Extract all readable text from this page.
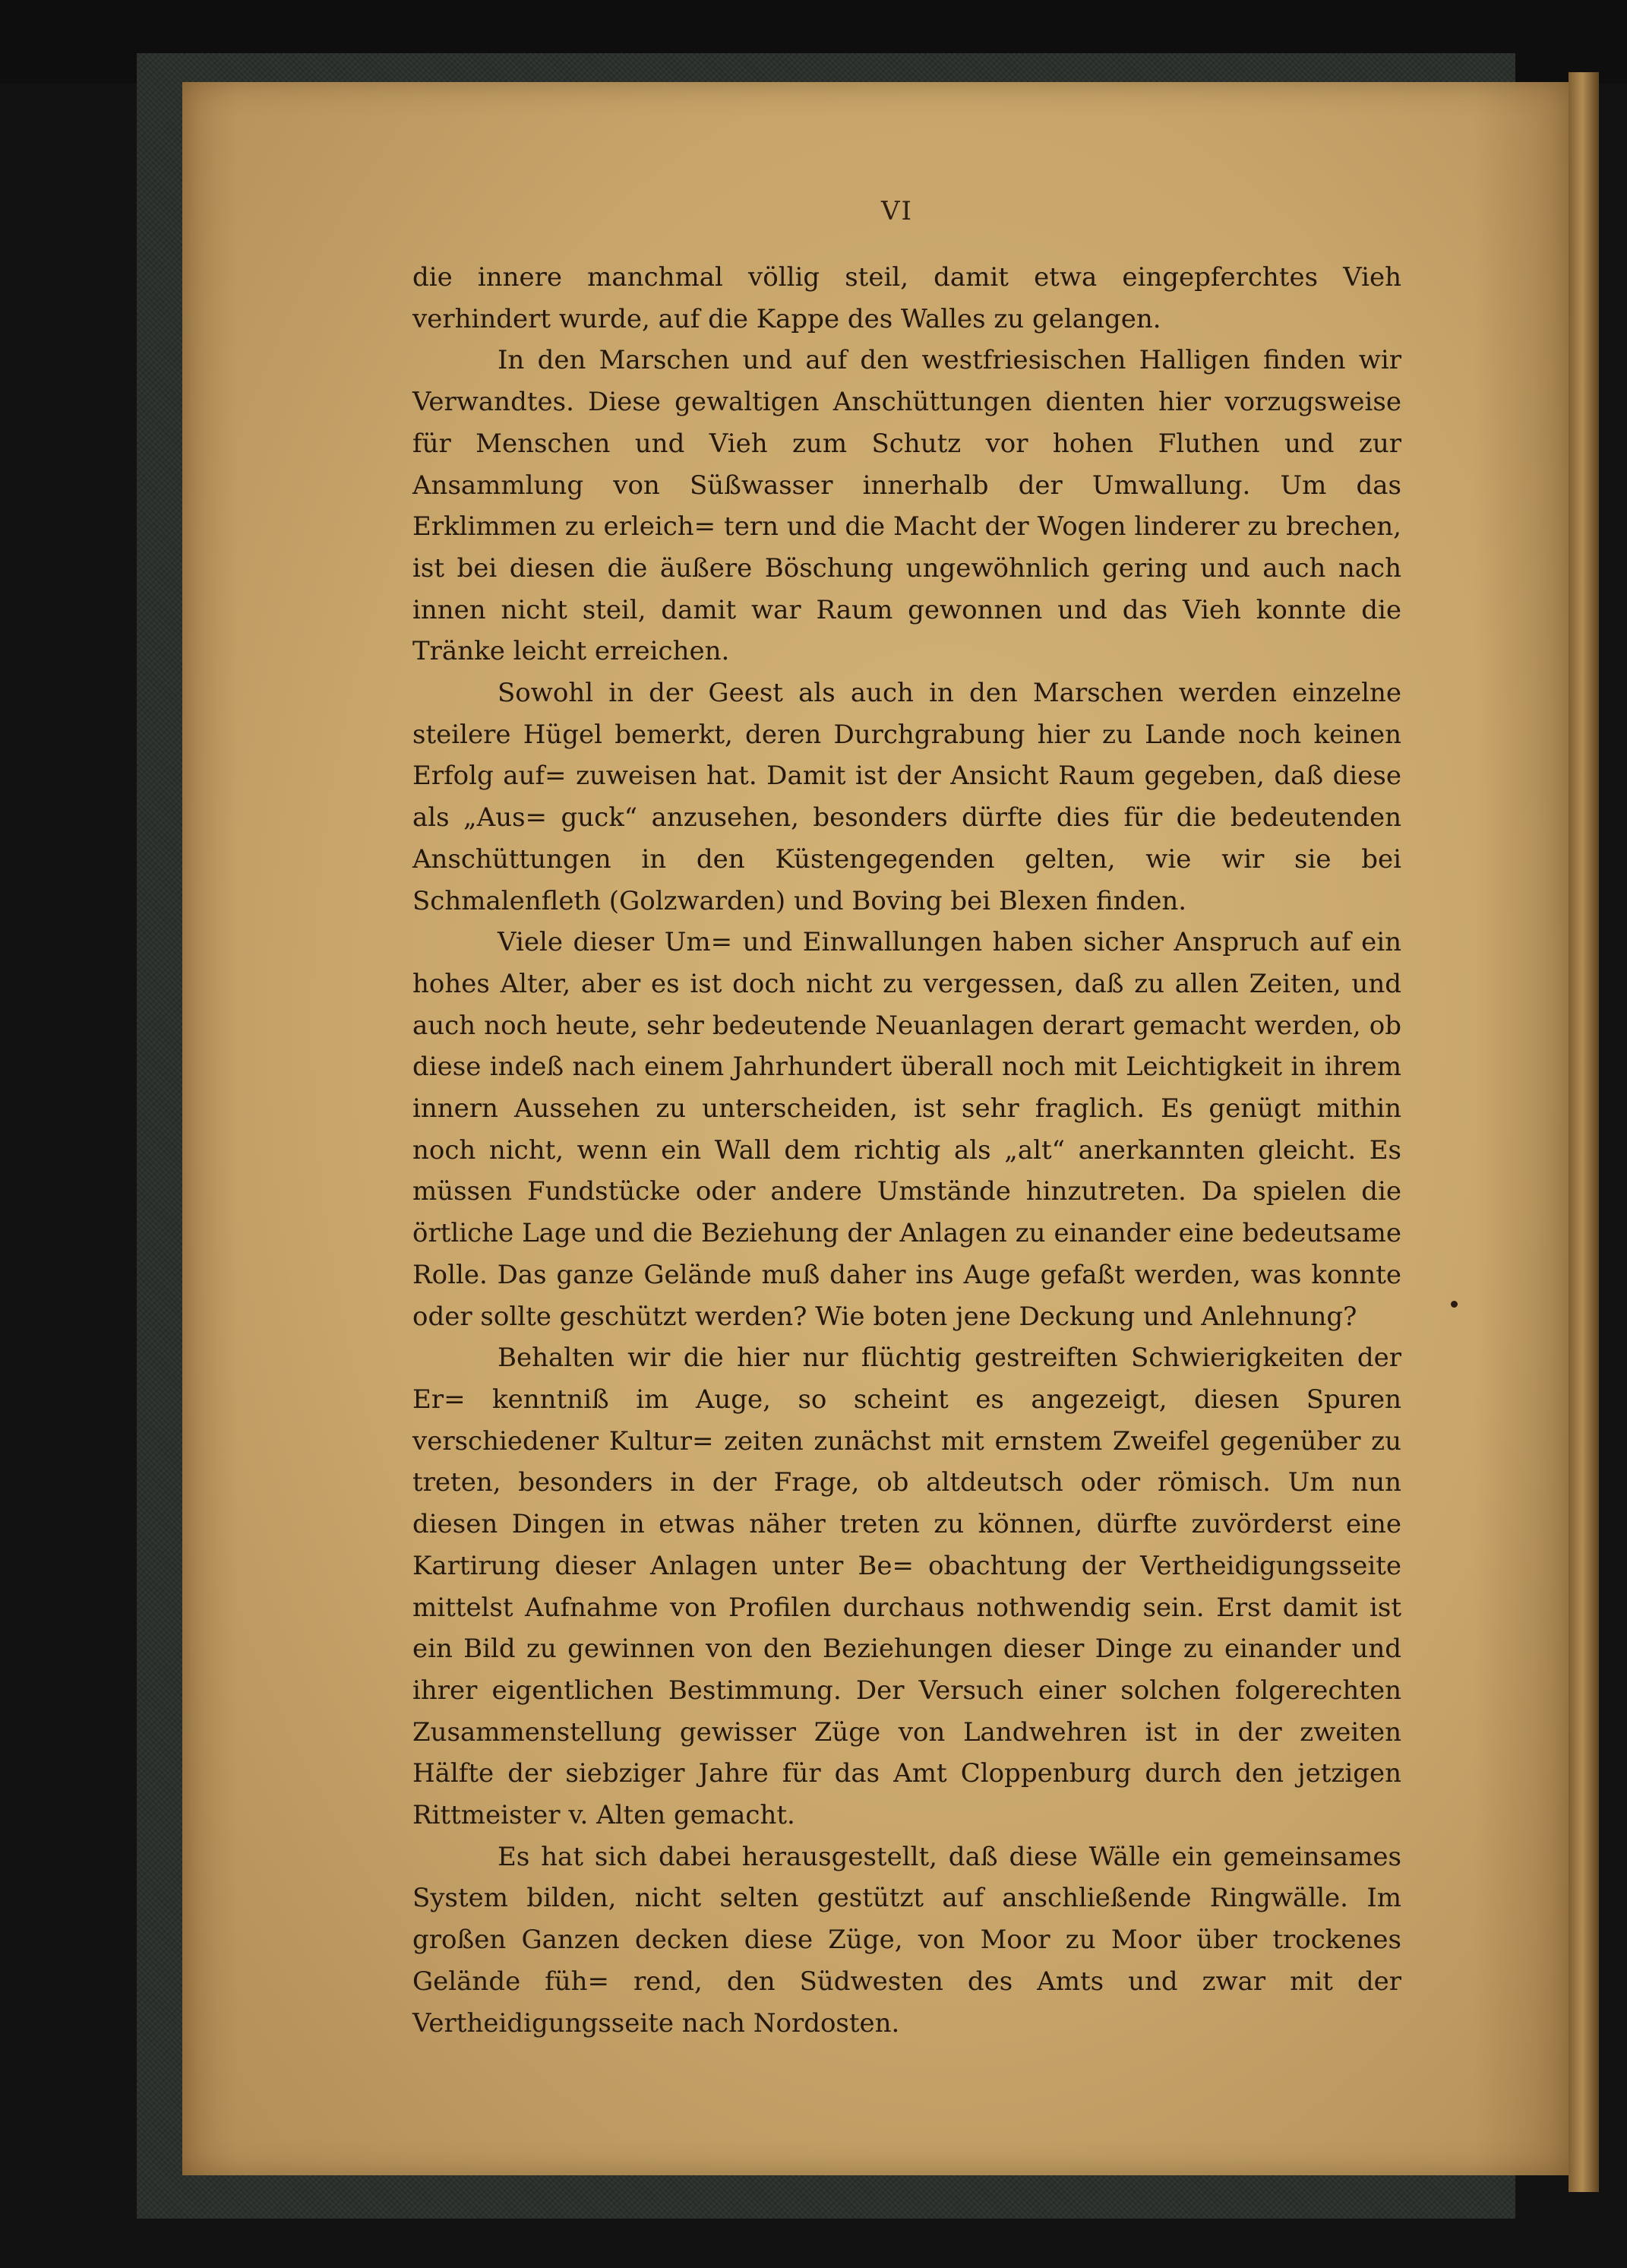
VI

die innere manchmal völlig steil, damit etwa eingepferchtes Vieh verhindert wurde, auf die Kappe des Walles zu gelangen.

In den Marschen und auf den westfriesischen Halligen finden wir Verwandtes. Diese gewaltigen Anschüttungen dienten hier vorzugsweise für Menschen und Vieh zum Schutz vor hohen Fluthen und zur Ansammlung von Süßwasser innerhalb der Umwallung. Um das Erklimmen zu erleich= tern und die Macht der Wogen linderer zu brechen, ist bei diesen die äußere Böschung ungewöhnlich gering und auch nach innen nicht steil, damit war Raum gewonnen und das Vieh konnte die Tränke leicht erreichen.

Sowohl in der Geest als auch in den Marschen werden einzelne steilere Hügel bemerkt, deren Durchgrabung hier zu Lande noch keinen Erfolg auf= zuweisen hat. Damit ist der Ansicht Raum gegeben, daß diese als „Aus= guck“ anzusehen, besonders dürfte dies für die bedeutenden Anschüttungen in den Küstengegenden gelten, wie wir sie bei Schmalenfleth (Golzwarden) und Boving bei Blexen finden.

Viele dieser Um= und Einwallungen haben sicher Anspruch auf ein hohes Alter, aber es ist doch nicht zu vergessen, daß zu allen Zeiten, und auch noch heute, sehr bedeutende Neuanlagen derart gemacht werden, ob diese indeß nach einem Jahrhundert überall noch mit Leichtigkeit in ihrem innern Aussehen zu unterscheiden, ist sehr fraglich. Es genügt mithin noch nicht, wenn ein Wall dem richtig als „alt“ anerkannten gleicht. Es müssen Fundstücke oder andere Umstände hinzutreten. Da spielen die örtliche Lage und die Beziehung der Anlagen zu einander eine bedeutsame Rolle. Das ganze Gelände muß daher ins Auge gefaßt werden, was konnte oder sollte geschützt werden? Wie boten jene Deckung und Anlehnung?

Behalten wir die hier nur flüchtig gestreiften Schwierigkeiten der Er= kenntniß im Auge, so scheint es angezeigt, diesen Spuren verschiedener Kultur= zeiten zunächst mit ernstem Zweifel gegenüber zu treten, besonders in der Frage, ob altdeutsch oder römisch. Um nun diesen Dingen in etwas näher treten zu können, dürfte zuvörderst eine Kartirung dieser Anlagen unter Be= obachtung der Vertheidigungsseite mittelst Aufnahme von Profilen durchaus nothwendig sein. Erst damit ist ein Bild zu gewinnen von den Beziehungen dieser Dinge zu einander und ihrer eigentlichen Bestimmung. Der Versuch einer solchen folgerechten Zusammenstellung gewisser Züge von Landwehren ist in der zweiten Hälfte der siebziger Jahre für das Amt Cloppenburg durch den jetzigen Rittmeister v. Alten gemacht.

Es hat sich dabei herausgestellt, daß diese Wälle ein gemeinsames System bilden, nicht selten gestützt auf anschließende Ringwälle. Im großen Ganzen decken diese Züge, von Moor zu Moor über trockenes Gelände füh= rend, den Südwesten des Amts und zwar mit der Vertheidigungsseite nach Nordosten.
